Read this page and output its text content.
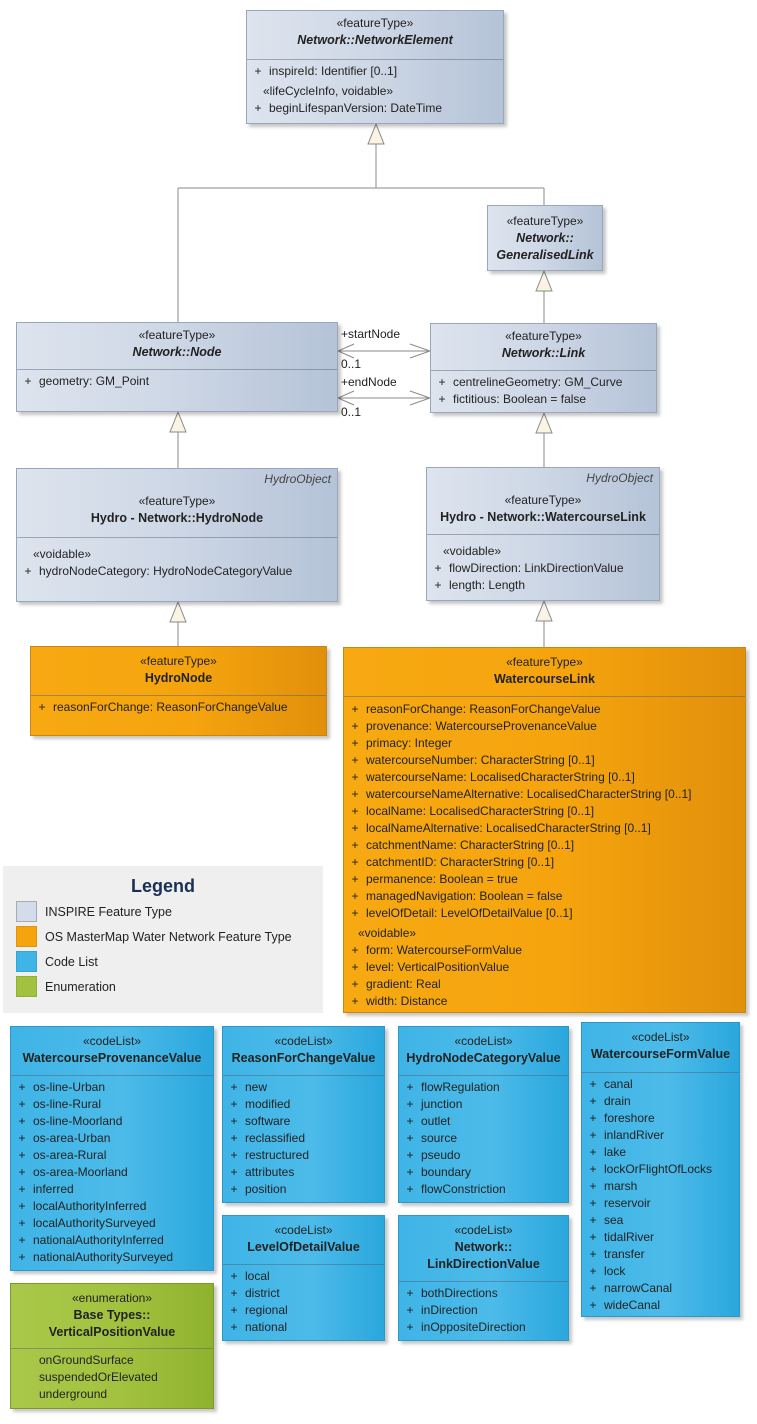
+startNode
0..1
+endNode
0..1
«featureType»
Network::NetworkElement
+ inspireId: Identifier [0..1]
«lifeCycleInfo, voidable»
+ beginLifespanVersion: DateTime
«featureType»
Network::
GeneralisedLink
«featureType»
Network::Node
+ geometry: GM_Point
«featureType»
Network::Link
+ centrelineGeometry: GM_Curve
+ fictitious: Boolean = false
HydroObject
«featureType»
Hydro - Network::HydroNode
«voidable»
+ hydroNodeCategory: HydroNodeCategoryValue
HydroObject
«featureType»
Hydro - Network::WatercourseLink
«voidable»
+ flowDirection: LinkDirectionValue
+ length: Length
«featureType»
HydroNode
+ reasonForChange: ReasonForChangeValue
«featureType»
WatercourseLink
+ reasonForChange: ReasonForChangeValue
+ provenance: WatercourseProvenanceValue
+ primacy: Integer
+ watercourseNumber: CharacterString [0..1]
+ watercourseName: LocalisedCharacterString [0..1]
+ watercourseNameAlternative: LocalisedCharacterString [0..1]
+ localName: LocalisedCharacterString [0..1]
+ localNameAlternative: LocalisedCharacterString [0..1]
+ catchmentName: CharacterString [0..1]
+ catchmentID: CharacterString [0..1]
+ permanence: Boolean = true
+ managedNavigation: Boolean = false
+ levelOfDetail: LevelOfDetailValue [0..1]
«voidable»
+ form: WatercourseFormValue
+ level: VerticalPositionValue
+ gradient: Real
+ width: Distance
Legend
INSPIRE Feature Type
OS MasterMap Water Network Feature Type
Code List
Enumeration
«codeList»
WatercourseProvenanceValue
+ os-line-Urban
+ os-line-Rural
+ os-line-Moorland
+ os-area-Urban
+ os-area-Rural
+ os-area-Moorland
+ inferred
+ localAuthorityInferred
+ localAuthoritySurveyed
+ nationalAuthorityInferred
+ nationalAuthoritySurveyed
«codeList»
ReasonForChangeValue
+ new
+ modified
+ software
+ reclassified
+ restructured
+ attributes
+ position
«codeList»
HydroNodeCategoryValue
+ flowRegulation
+ junction
+ outlet
+ source
+ pseudo
+ boundary
+ flowConstriction
«codeList»
WatercourseFormValue
+ canal
+ drain
+ foreshore
+ inlandRiver
+ lake
+ lockOrFlightOfLocks
+ marsh
+ reservoir
+ sea
+ tidalRiver
+ transfer
+ lock
+ narrowCanal
+ wideCanal
«codeList»
LevelOfDetailValue
+ local
+ district
+ regional
+ national
«codeList»
Network::
LinkDirectionValue
+ bothDirections
+ inDirection
+ inOppositeDirection
«enumeration»
Base Types::
VerticalPositionValue
onGroundSurface
suspendedOrElevated
underground
